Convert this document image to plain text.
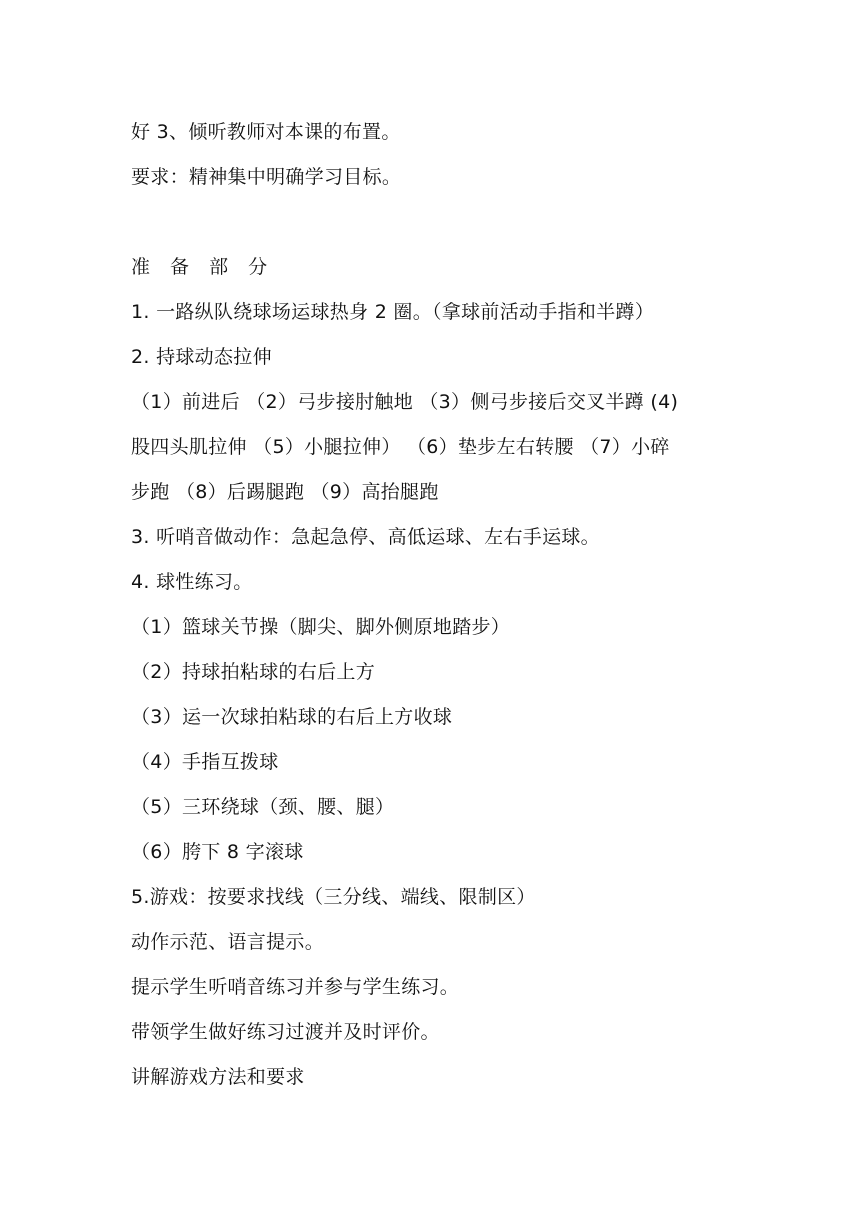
好 3、倾听教师对本课的布置。
要求：精神集中明确学习目标。
准 备 部 分
1. 一路纵队绕球场运球热身 2 圈。（拿球前活动手指和半蹲）
2. 持球动态拉伸
（1）前进后 （2）弓步接肘触地 （3）侧弓步接后交叉半蹲 (4)
股四头肌拉伸 （5）小腿拉伸） （6）垫步左右转腰 （7）小碎
步跑 （8）后踢腿跑 （9）高抬腿跑
3. 听哨音做动作：急起急停、高低运球、左右手运球。
4. 球性练习。
（1）篮球关节操（脚尖、脚外侧原地踏步）
（2）持球拍粘球的右后上方
（3）运一次球拍粘球的右后上方收球
（4）手指互拨球
（5）三环绕球（颈、腰、腿）
（6）胯下 8 字滚球
5.游戏：按要求找线（三分线、端线、限制区）
动作示范、语言提示。
提示学生听哨音练习并参与学生练习。
带领学生做好练习过渡并及时评价。
讲解游戏方法和要求
